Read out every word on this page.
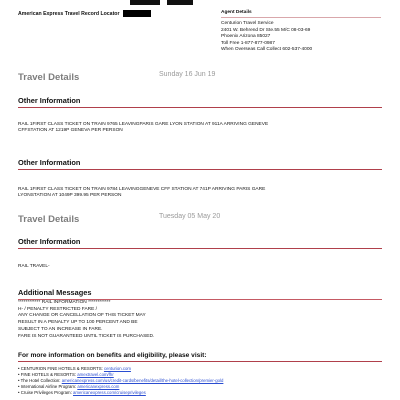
American Express Travel Record Locator	Agent Details
Centurion Travel Service
2401 W. Behrend Dr Ste.55 M/C 08-03-69
Phoenix Arizona 85027
Toll Free 1-877-877-0987
When Overseas Call Collect 602-537-4000
Travel Details	Sunday 16 Jun 19
Other Information
RAIL 1FIRST CLASS TICKET ON TRAIN 9765 LEAVINGPARIS GARE LYON STATION AT 911A ARRIVING GENEVE
CFFSTATION AT 1219P GENEVA PER PERSON
Other Information
RAIL 1FIRST CLASS TICKET ON TRAIN 9784 LEAVINGGENEVE CFF STATION AT 741P ARRIVING PARIS GARE
LYONSTATION AT 1049P 399.95 PER PERSON
Travel Details	Tuesday 05 May 20
Other Information
RAIL TRAVEL-
Additional Messages
************ RAIL INFORMATION ************
H- / PENALTY RESTRICTED FARE /
ANY CHANGE OR CANCELLATION OF THIS TICKET MAY
RESULT IN A PENALTY UP TO 100 PERCENT AND BE
SUBJECT TO AN INCREASE IN FARE.
FARE IS NOT GUARANTEED UNTIL TICKET IS PURCHASED.
For more information on benefits and eligibility, please visit:
• CENTURION FINE HOTELS & RESORTS: centurion.com
• FINE HOTELS & RESORTS: amextravel.com/fhr
• The Hotel Collection: americanexpress.com/us/credit-cards/benefits/detail/the-hotel-collection/premier-gold
• International Airline Program: americanexpress.com
• Cruise Privileges Program: americanexpress.com/cruiseprivileges
